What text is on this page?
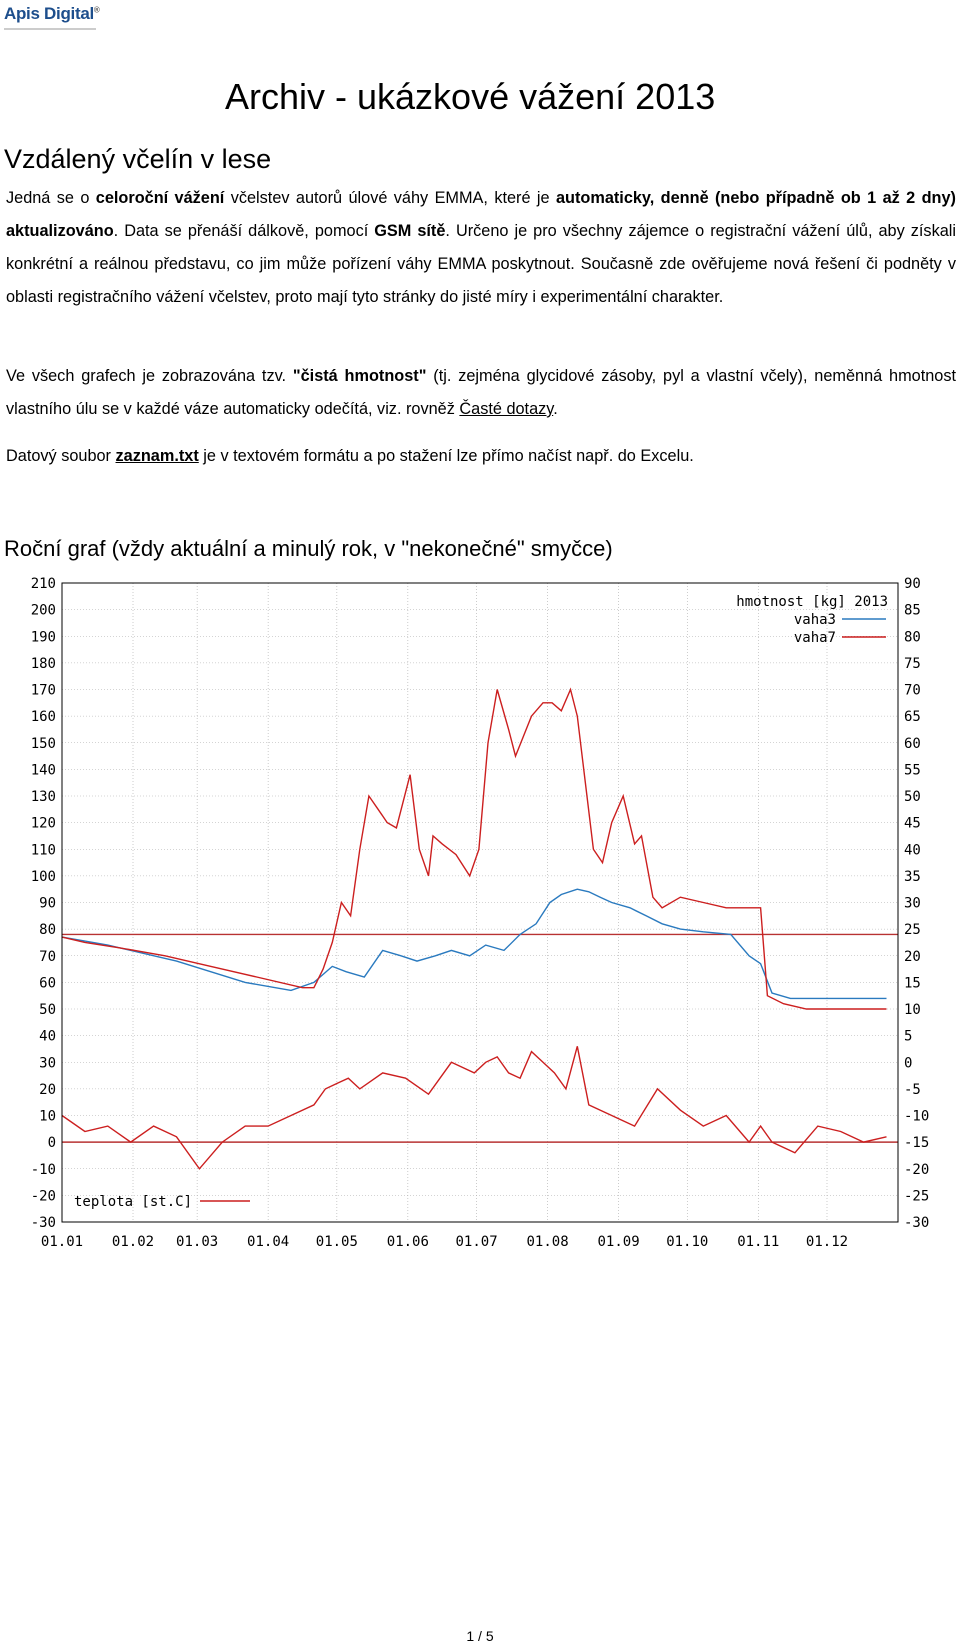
Apis Digital®
Archiv - ukázkové vážení 2013
Vzdálený včelín v lese
Jedná se o celoroční vážení včelstev autorů úlové váhy EMMA, které je automaticky, denně (nebo případně ob 1 až 2 dny) aktualizováno. Data se přenáší dálkově, pomocí GSM sítě. Určeno je pro všechny zájemce o registrační vážení úlů, aby získali konkrétní a reálnou představu, co jim může pořízení váhy EMMA poskytnout. Současně zde ověřujeme nová řešení či podněty v oblasti registračního vážení včelstev, proto mají tyto stránky do jisté míry i experimentální charakter.
Ve všech grafech je zobrazována tzv. "čistá hmotnost" (tj. zejména glycidové zásoby, pyl a vlastní včely), neměnná hmotnost vlastního úlu se v každé váze automaticky odečítá, viz. rovněž Časté dotazy.
Datový soubor zaznam.txt je v textovém formátu a po stažení lze přímo načíst např. do Excelu.
Roční graf (vždy aktuální a minulý rok, v "nekonečné" smyčce)
210
200
190
180
170
160
150
140
130
120
110
100
90
80
70
60
50
40
30
20
10
0
-10
-20
-30
90
85
80
75
70
65
60
55
50
45
40
35
30
25
20
15
10
5
0
-5
-10
-15
-20
-25
-30
01.01 01.02 01.03 01.04 01.05 01.06 01.07 01.08 01.09 01.10 01.11 01.12
hmotnost [kg] 2013
vaha3
vaha7
teplota [st.C]
1 / 5
